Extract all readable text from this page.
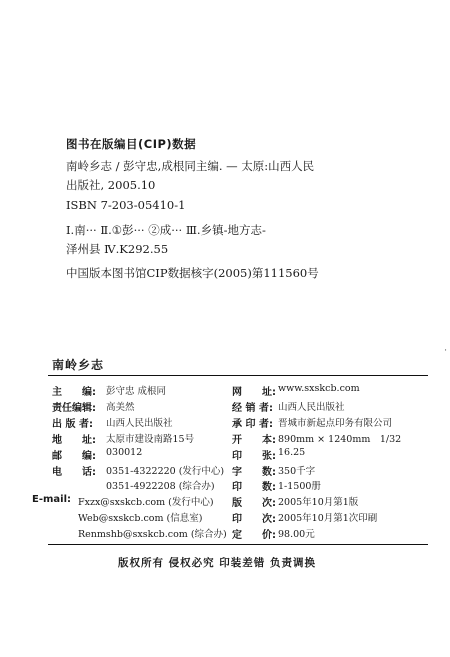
图书在版编目(CIP)数据
南岭乡志 / 彭守忠,成根同主编. — 太原:山西人民
出版社, 2005.10
ISBN 7-203-05410-1
Ⅰ.南··· Ⅱ.①彭··· ②成··· Ⅲ.乡镇-地方志-
泽州县 Ⅳ.K292.55
中国版本图书馆CIP数据核字(2005)第111560号
南岭乡志
·
主　　编:	彭守忠 成根同
责任编辑:	高美然
出 版 者:	山西人民出版社
地　　址:	太原市建设南路15号
邮　　编:	030012
电　　话:	0351-4322220 (发行中心)
0351-4922208 (综合办)
E-mail: Fxzx@sxskcb.com (发行中心)
Web@sxskcb.com (信息室)
Renmshb@sxskcb.com (综合办)
网　　址: www.sxskcb.com
经 销 者: 山西人民出版社
承 印 者: 晋城市新起点印务有限公司
开　　本: 890mm × 1240mm　1/32
印　　张: 16.25
字　　数: 350千字
印　　数: 1-1500册
版　　次: 2005年10月第1版
印　　次: 2005年10月第1次印刷
定　　价: 98.00元
版权所有 侵权必究 印装差错 负责调换
